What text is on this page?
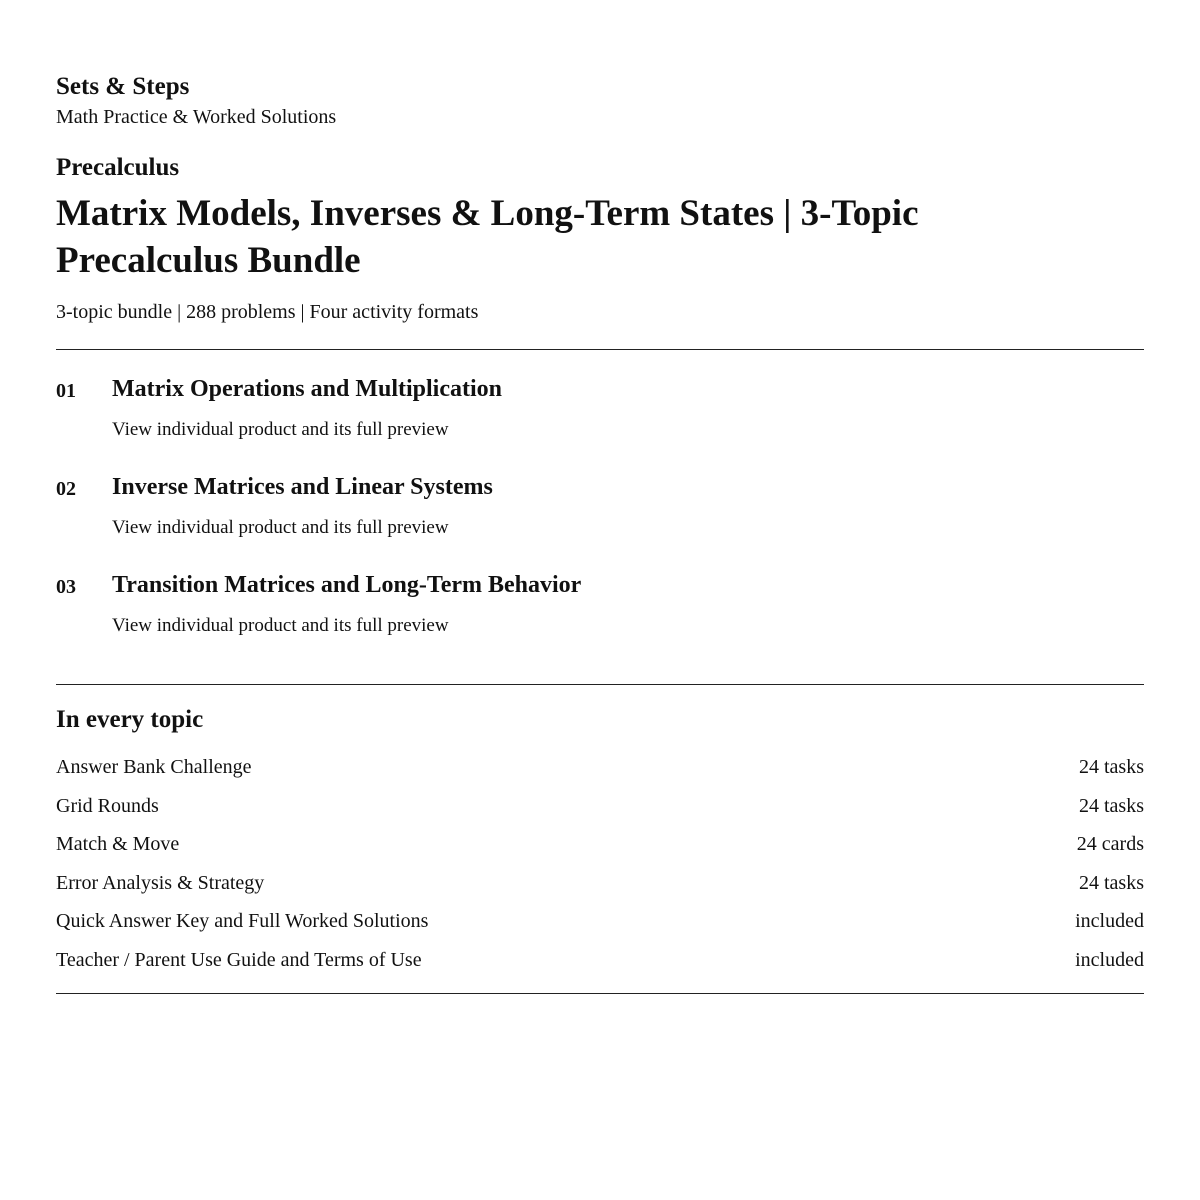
Sets & Steps
Math Practice & Worked Solutions
Precalculus
Matrix Models, Inverses & Long-Term States | 3-Topic Precalculus Bundle
3-topic bundle | 288 problems | Four activity formats
01 Matrix Operations and Multiplication
View individual product and its full preview
02 Inverse Matrices and Linear Systems
View individual product and its full preview
03 Transition Matrices and Long-Term Behavior
View individual product and its full preview
In every topic
Answer Bank Challenge	24 tasks
Grid Rounds	24 tasks
Match & Move	24 cards
Error Analysis & Strategy	24 tasks
Quick Answer Key and Full Worked Solutions	included
Teacher / Parent Use Guide and Terms of Use	included
